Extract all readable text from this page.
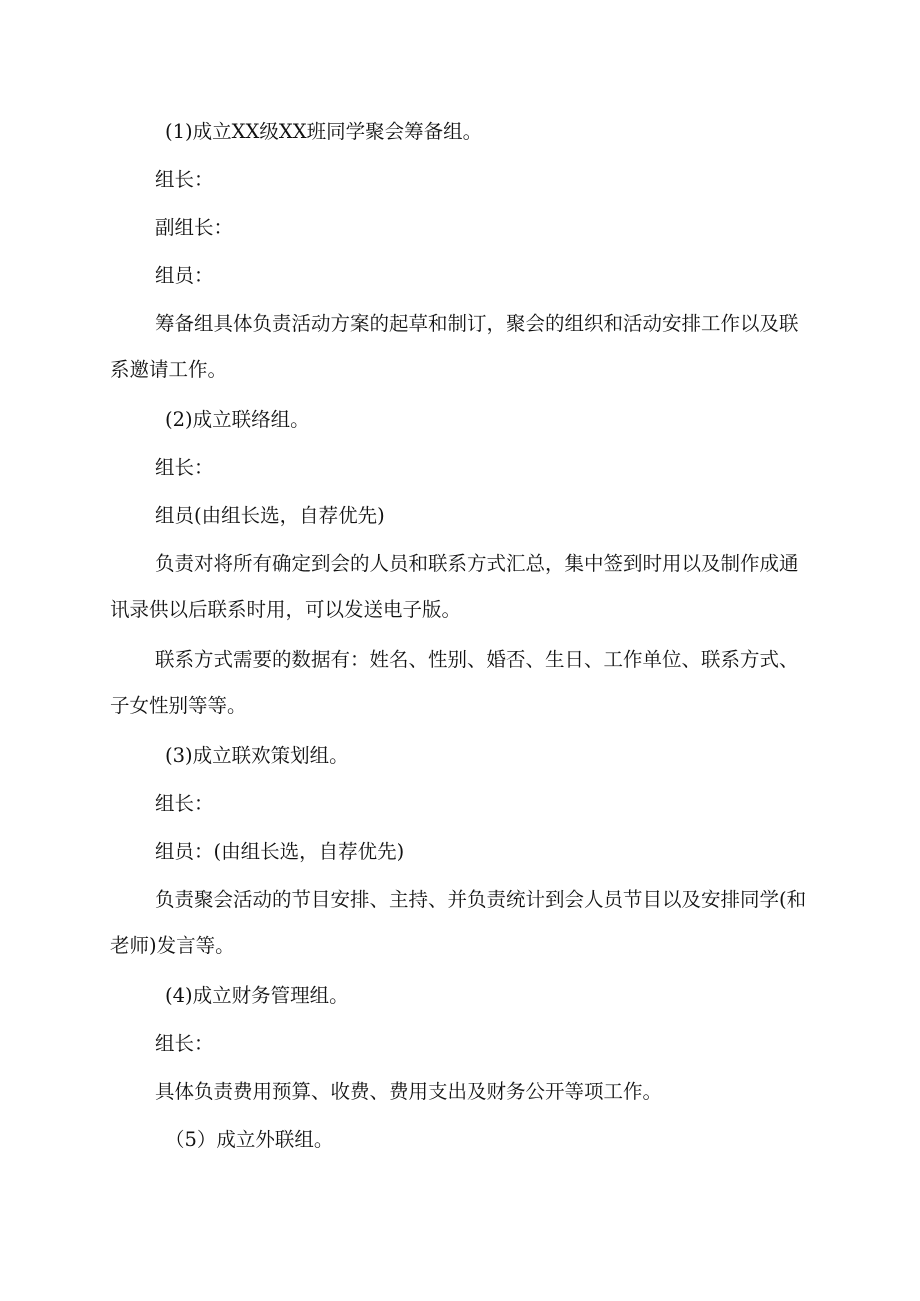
(1)成立XX级XX班同学聚会筹备组。

组长：

副组长：

组员：

筹备组具体负责活动方案的起草和制订，聚会的组织和活动安排工作以及联系邀请工作。

(2)成立联络组。

组长：

组员(由组长选，自荐优先)

负责对将所有确定到会的人员和联系方式汇总，集中签到时用以及制作成通讯录供以后联系时用，可以发送电子版。

联系方式需要的数据有：姓名、性别、婚否、生日、工作单位、联系方式、子女性别等等。

(3)成立联欢策划组。

组长：

组员：(由组长选，自荐优先)

负责聚会活动的节目安排、主持、并负责统计到会人员节目以及安排同学(和老师)发言等。

(4)成立财务管理组。

组长：

具体负责费用预算、收费、费用支出及财务公开等项工作。

（5）成立外联组。
